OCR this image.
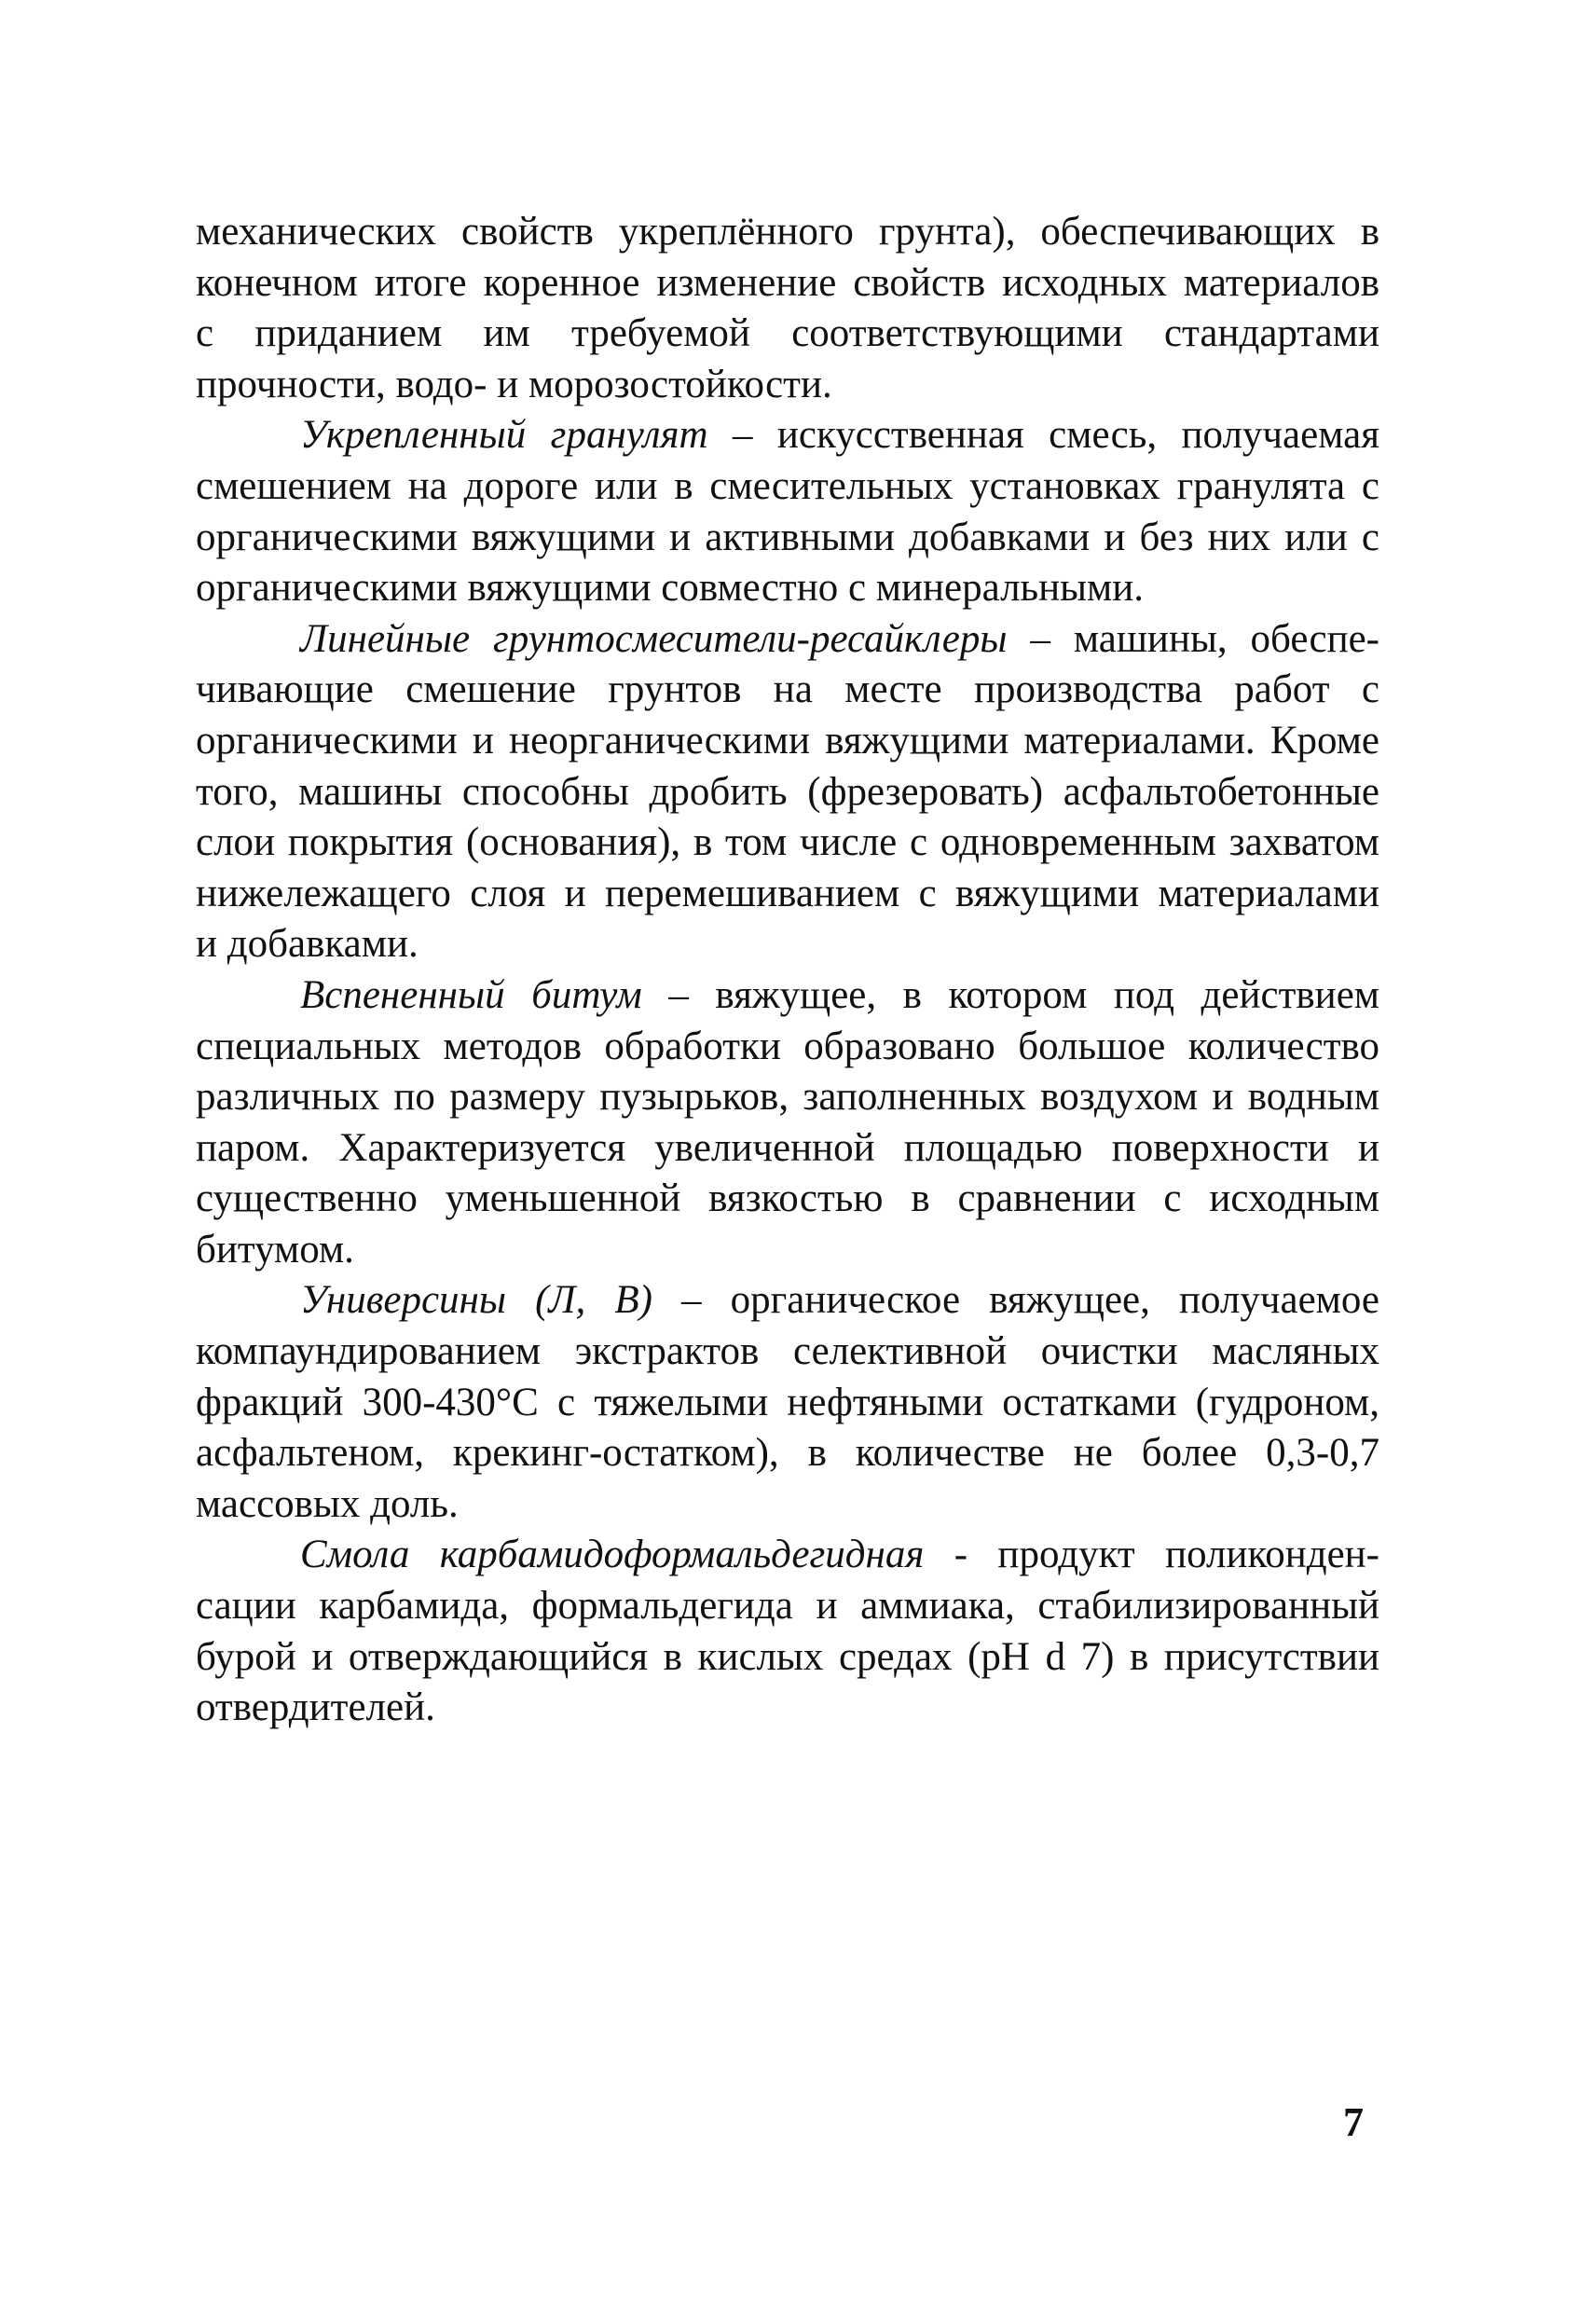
механических свойств укреплённого грунта), обеспечивающих в
конечном итоге коренное изменение свойств исходных материалов
с приданием им требуемой соответствующими стандартами
прочности, водо- и морозостойкости.
Укрепленный гранулят – искусственная смесь, получаемая
смешением на дороге или в смесительных установках гранулята с
органическими вяжущими и активными добавками и без них или с
органическими вяжущими совместно с минеральными.
Линейные грунтосмесители-ресайклеры – машины, обеспе-
чивающие смешение грунтов на месте производства работ с
органическими и неорганическими вяжущими материалами. Кроме
того, машины способны дробить (фрезеровать) асфальтобетонные
слои покрытия (основания), в том числе с одновременным захватом
нижележащего слоя и перемешиванием с вяжущими материалами
и добавками.
Вспененный битум – вяжущее, в котором под действием
специальных методов обработки образовано большое количество
различных по размеру пузырьков, заполненных воздухом и водным
паром. Характеризуется увеличенной площадью поверхности и
существенно уменьшенной вязкостью в сравнении с исходным
битумом.
Универсины (Л, В) – органическое вяжущее, получаемое
компаундированием экстрактов селективной очистки масляных
фракций 300-430°С с тяжелыми нефтяными остатками (гудроном,
асфальтеном, крекинг-остатком), в количестве не более 0,3-0,7
массовых доль.
Смола карбамидоформальдегидная - продукт поликонден-
сации карбамида, формальдегида и аммиака, стабилизированный
бурой и отверждающийся в кислых средах (pH d 7) в присутствии
отвердителей.
7
